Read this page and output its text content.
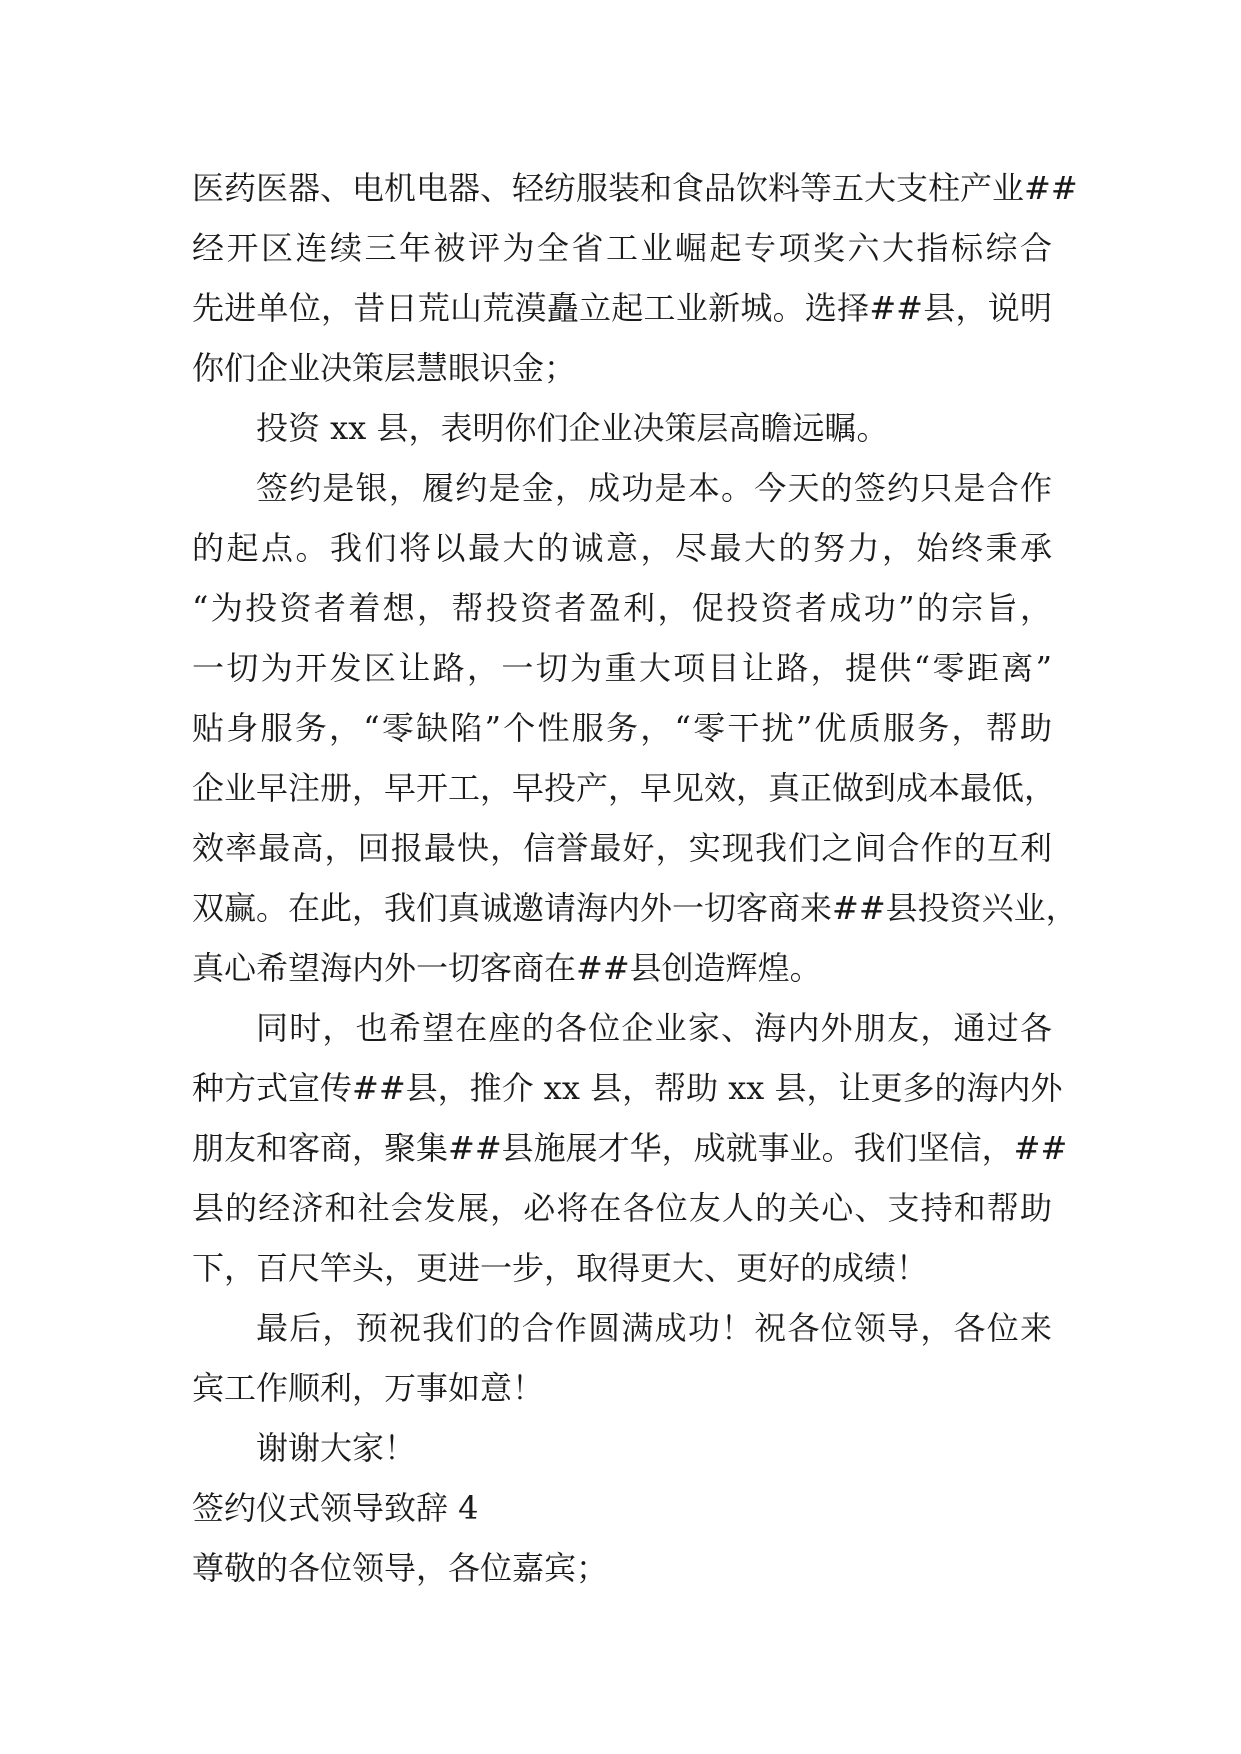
医药医器、电机电器、轻纺服装和食品饮料等五大支柱产业##
经开区连续三年被评为全省工业崛起专项奖六大指标综合
先进单位，昔日荒山荒漠矗立起工业新城。选择##县，说明
你们企业决策层慧眼识金；
投资 xx 县，表明你们企业决策层高瞻远瞩。
签约是银，履约是金，成功是本。今天的签约只是合作
的起点。我们将以最大的诚意，尽最大的努力，始终秉承
“为投资者着想，帮投资者盈利，促投资者成功”的宗旨，
一切为开发区让路，一切为重大项目让路，提供“零距离”
贴身服务，“零缺陷”个性服务，“零干扰”优质服务，帮助
企业早注册，早开工，早投产，早见效，真正做到成本最低，
效率最高，回报最快，信誉最好，实现我们之间合作的互利
双赢。在此，我们真诚邀请海内外一切客商来##县投资兴业，
真心希望海内外一切客商在##县创造辉煌。
同时，也希望在座的各位企业家、海内外朋友，通过各
种方式宣传##县，推介 xx 县，帮助 xx 县，让更多的海内外
朋友和客商，聚集##县施展才华，成就事业。我们坚信，##
县的经济和社会发展，必将在各位友人的关心、支持和帮助
下，百尺竿头，更进一步，取得更大、更好的成绩！
最后，预祝我们的合作圆满成功！祝各位领导，各位来
宾工作顺利，万事如意！
谢谢大家！
签约仪式领导致辞 4
尊敬的各位领导，各位嘉宾；
